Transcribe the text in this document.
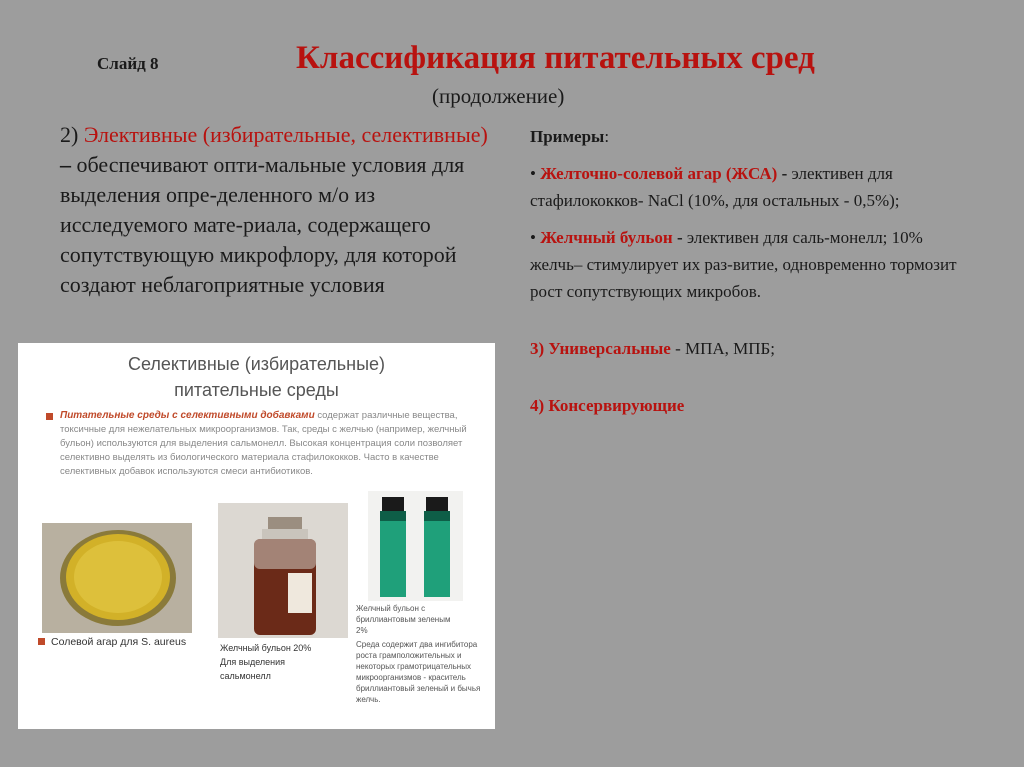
Слайд 8	Классификация питательных сред
(продолжение)
2) Элективные (избирательные, селективные) – обеспечивают опти-мальные условия для выделения опре-деленного м/о из исследуемого мате-риала, содержащего сопутствующую микрофлору, для которой создают неблагоприятные условия

Примеры:

• Желточно-солевой агар (ЖСА) - элективен для стафилококков- NaCl (10%, для остальных - 0,5%);

• Желчный бульон - элективен для саль-монелл; 10% желчь– стимулирует их раз-витие, одновременно тормозит рост сопутствующих микробов.

3) Универсальные - МПА, МПБ;

4) Консервирующие

Селективные (избирательные)
питательные среды
Питательные среды с селективными добавками содержат различные вещества, токсичные для нежелательных микроорганизмов. Так, среды с желчью (например, желчный бульон) используются для выделения сальмонелл. Высокая концентрация соли позволяет селективно выделять из биологического материала стафилококков. Часто в качестве селективных добавок используются смеси антибиотиков.
Солевой агар для S. aureus	Желчный бульон 20%
Для выделения
сальмонелл
Желчный бульон с
бриллиантовым зеленым
2%
Среда содержит два ингибитора роста грамположительных и некоторых грамотрицательных микроорганизмов - краситель бриллиантовый зеленый и бычья желчь.
